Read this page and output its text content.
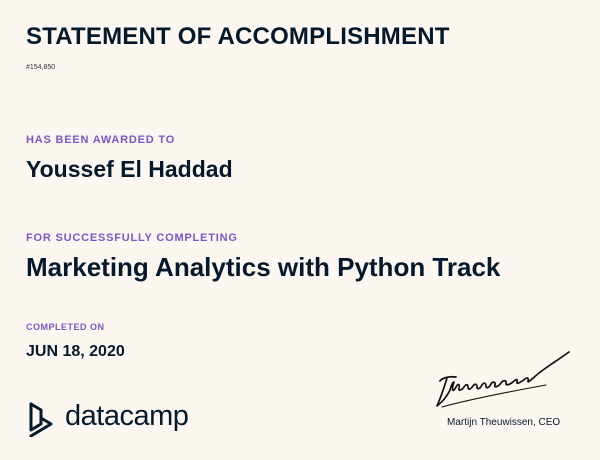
STATEMENT OF ACCOMPLISHMENT
#154,850
HAS BEEN AWARDED TO
Youssef El Haddad
FOR SUCCESSFULLY COMPLETING
Marketing Analytics with Python Track
COMPLETED ON
JUN 18, 2020
datacamp	Martijn Theuwissen, CEO
